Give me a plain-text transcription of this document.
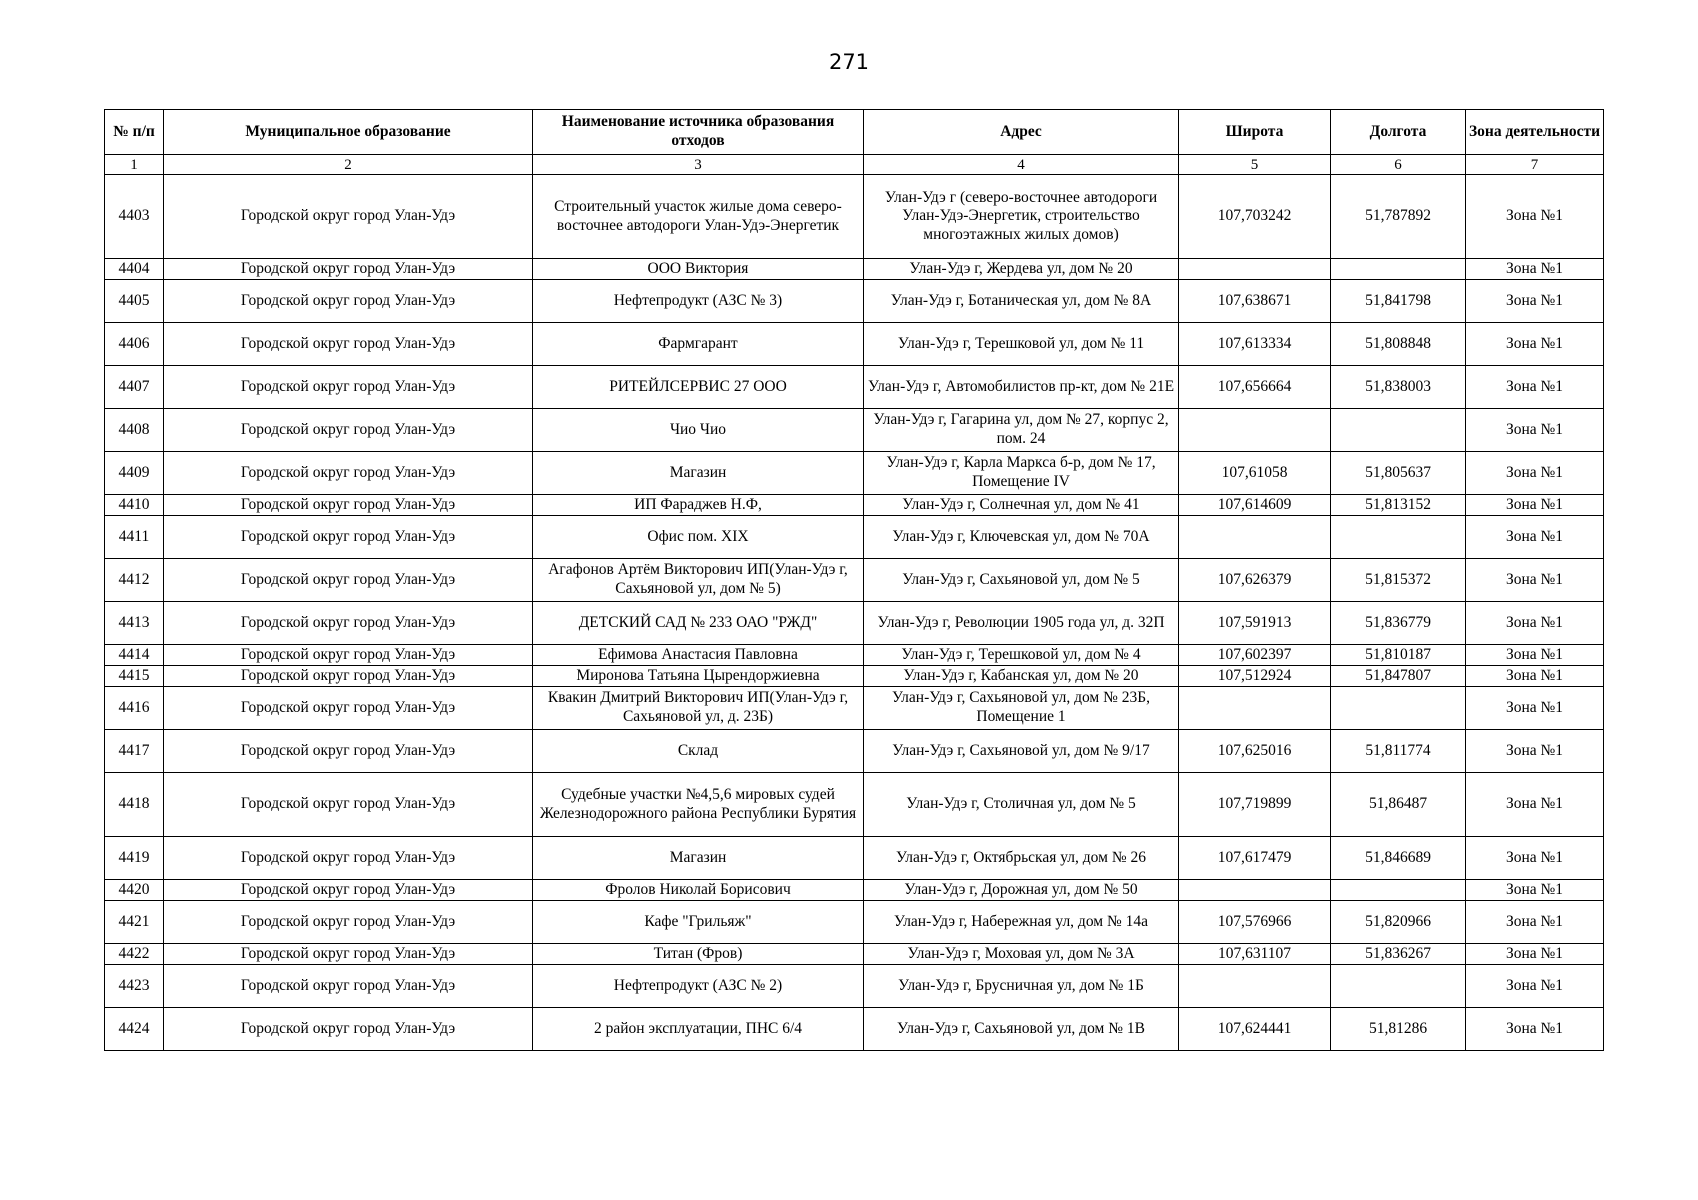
271
№ п/п	Муниципальное образование	Наименование источника образования отходов	Адрес	Широта	Долгота	Зона деятельности
1	2	3	4	5	6	7
4403	Городской округ город Улан-Удэ	Строительный участок жилые дома северо-восточнее автодороги Улан-Удэ-Энергетик	Улан-Удэ г (северо-восточнее автодороги Улан-Удэ-Энергетик, строительство многоэтажных жилых домов)	107,703242	51,787892	Зона №1
4404	Городской округ город Улан-Удэ	ООО Виктория	Улан-Удэ г, Жердева ул, дом № 20			Зона №1
4405	Городской округ город Улан-Удэ	Нефтепродукт (АЗС № 3)	Улан-Удэ г, Ботаническая ул, дом № 8А	107,638671	51,841798	Зона №1
4406	Городской округ город Улан-Удэ	Фармгарант	Улан-Удэ г, Терешковой ул, дом № 11	107,613334	51,808848	Зона №1
4407	Городской округ город Улан-Удэ	РИТЕЙЛСЕРВИС 27 ООО	Улан-Удэ г, Автомобилистов пр-кт, дом № 21Е	107,656664	51,838003	Зона №1
4408	Городской округ город Улан-Удэ	Чио Чио	Улан-Удэ г, Гагарина ул, дом № 27, корпус 2, пом. 24			Зона №1
4409	Городской округ город Улан-Удэ	Магазин	Улан-Удэ г, Карла Маркса б-р, дом № 17, Помещение IV	107,61058	51,805637	Зона №1
4410	Городской округ город Улан-Удэ	ИП Фараджев Н.Ф,	Улан-Удэ г, Солнечная ул, дом № 41	107,614609	51,813152	Зона №1
4411	Городской округ город Улан-Удэ	Офис пом. XIX	Улан-Удэ г, Ключевская ул, дом № 70А			Зона №1
4412	Городской округ город Улан-Удэ	Агафонов Артём Викторович ИП(Улан-Удэ г, Сахьяновой ул, дом № 5)	Улан-Удэ г, Сахьяновой ул, дом № 5	107,626379	51,815372	Зона №1
4413	Городской округ город Улан-Удэ	ДЕТСКИЙ САД № 233 ОАО "РЖД"	Улан-Удэ г, Революции 1905 года ул, д. 32П	107,591913	51,836779	Зона №1
4414	Городской округ город Улан-Удэ	Ефимова Анастасия Павловна	Улан-Удэ г, Терешковой ул, дом № 4	107,602397	51,810187	Зона №1
4415	Городской округ город Улан-Удэ	Миронова Татьяна Цырендоржиевна	Улан-Удэ г, Кабанская ул, дом № 20	107,512924	51,847807	Зона №1
4416	Городской округ город Улан-Удэ	Квакин Дмитрий Викторович ИП(Улан-Удэ г, Сахьяновой ул, д. 23Б)	Улан-Удэ г, Сахьяновой ул, дом № 23Б, Помещение 1			Зона №1
4417	Городской округ город Улан-Удэ	Склад	Улан-Удэ г, Сахьяновой ул, дом № 9/17	107,625016	51,811774	Зона №1
4418	Городской округ город Улан-Удэ	Судебные участки №4,5,6 мировых судей Железнодорожного района Республики Бурятия	Улан-Удэ г, Столичная ул, дом № 5	107,719899	51,86487	Зона №1
4419	Городской округ город Улан-Удэ	Магазин	Улан-Удэ г, Октябрьская ул, дом № 26	107,617479	51,846689	Зона №1
4420	Городской округ город Улан-Удэ	Фролов Николай Борисович	Улан-Удэ г, Дорожная ул, дом № 50			Зона №1
4421	Городской округ город Улан-Удэ	Кафе "Грильяж"	Улан-Удэ г, Набережная ул, дом № 14а	107,576966	51,820966	Зона №1
4422	Городской округ город Улан-Удэ	Титан (Фров)	Улан-Удэ г, Моховая ул, дом № 3А	107,631107	51,836267	Зона №1
4423	Городской округ город Улан-Удэ	Нефтепродукт (АЗС № 2)	Улан-Удэ г, Брусничная ул, дом № 1Б			Зона №1
4424	Городской округ город Улан-Удэ	2 район эксплуатации, ПНС 6/4	Улан-Удэ г, Сахьяновой ул, дом № 1В	107,624441	51,81286	Зона №1
